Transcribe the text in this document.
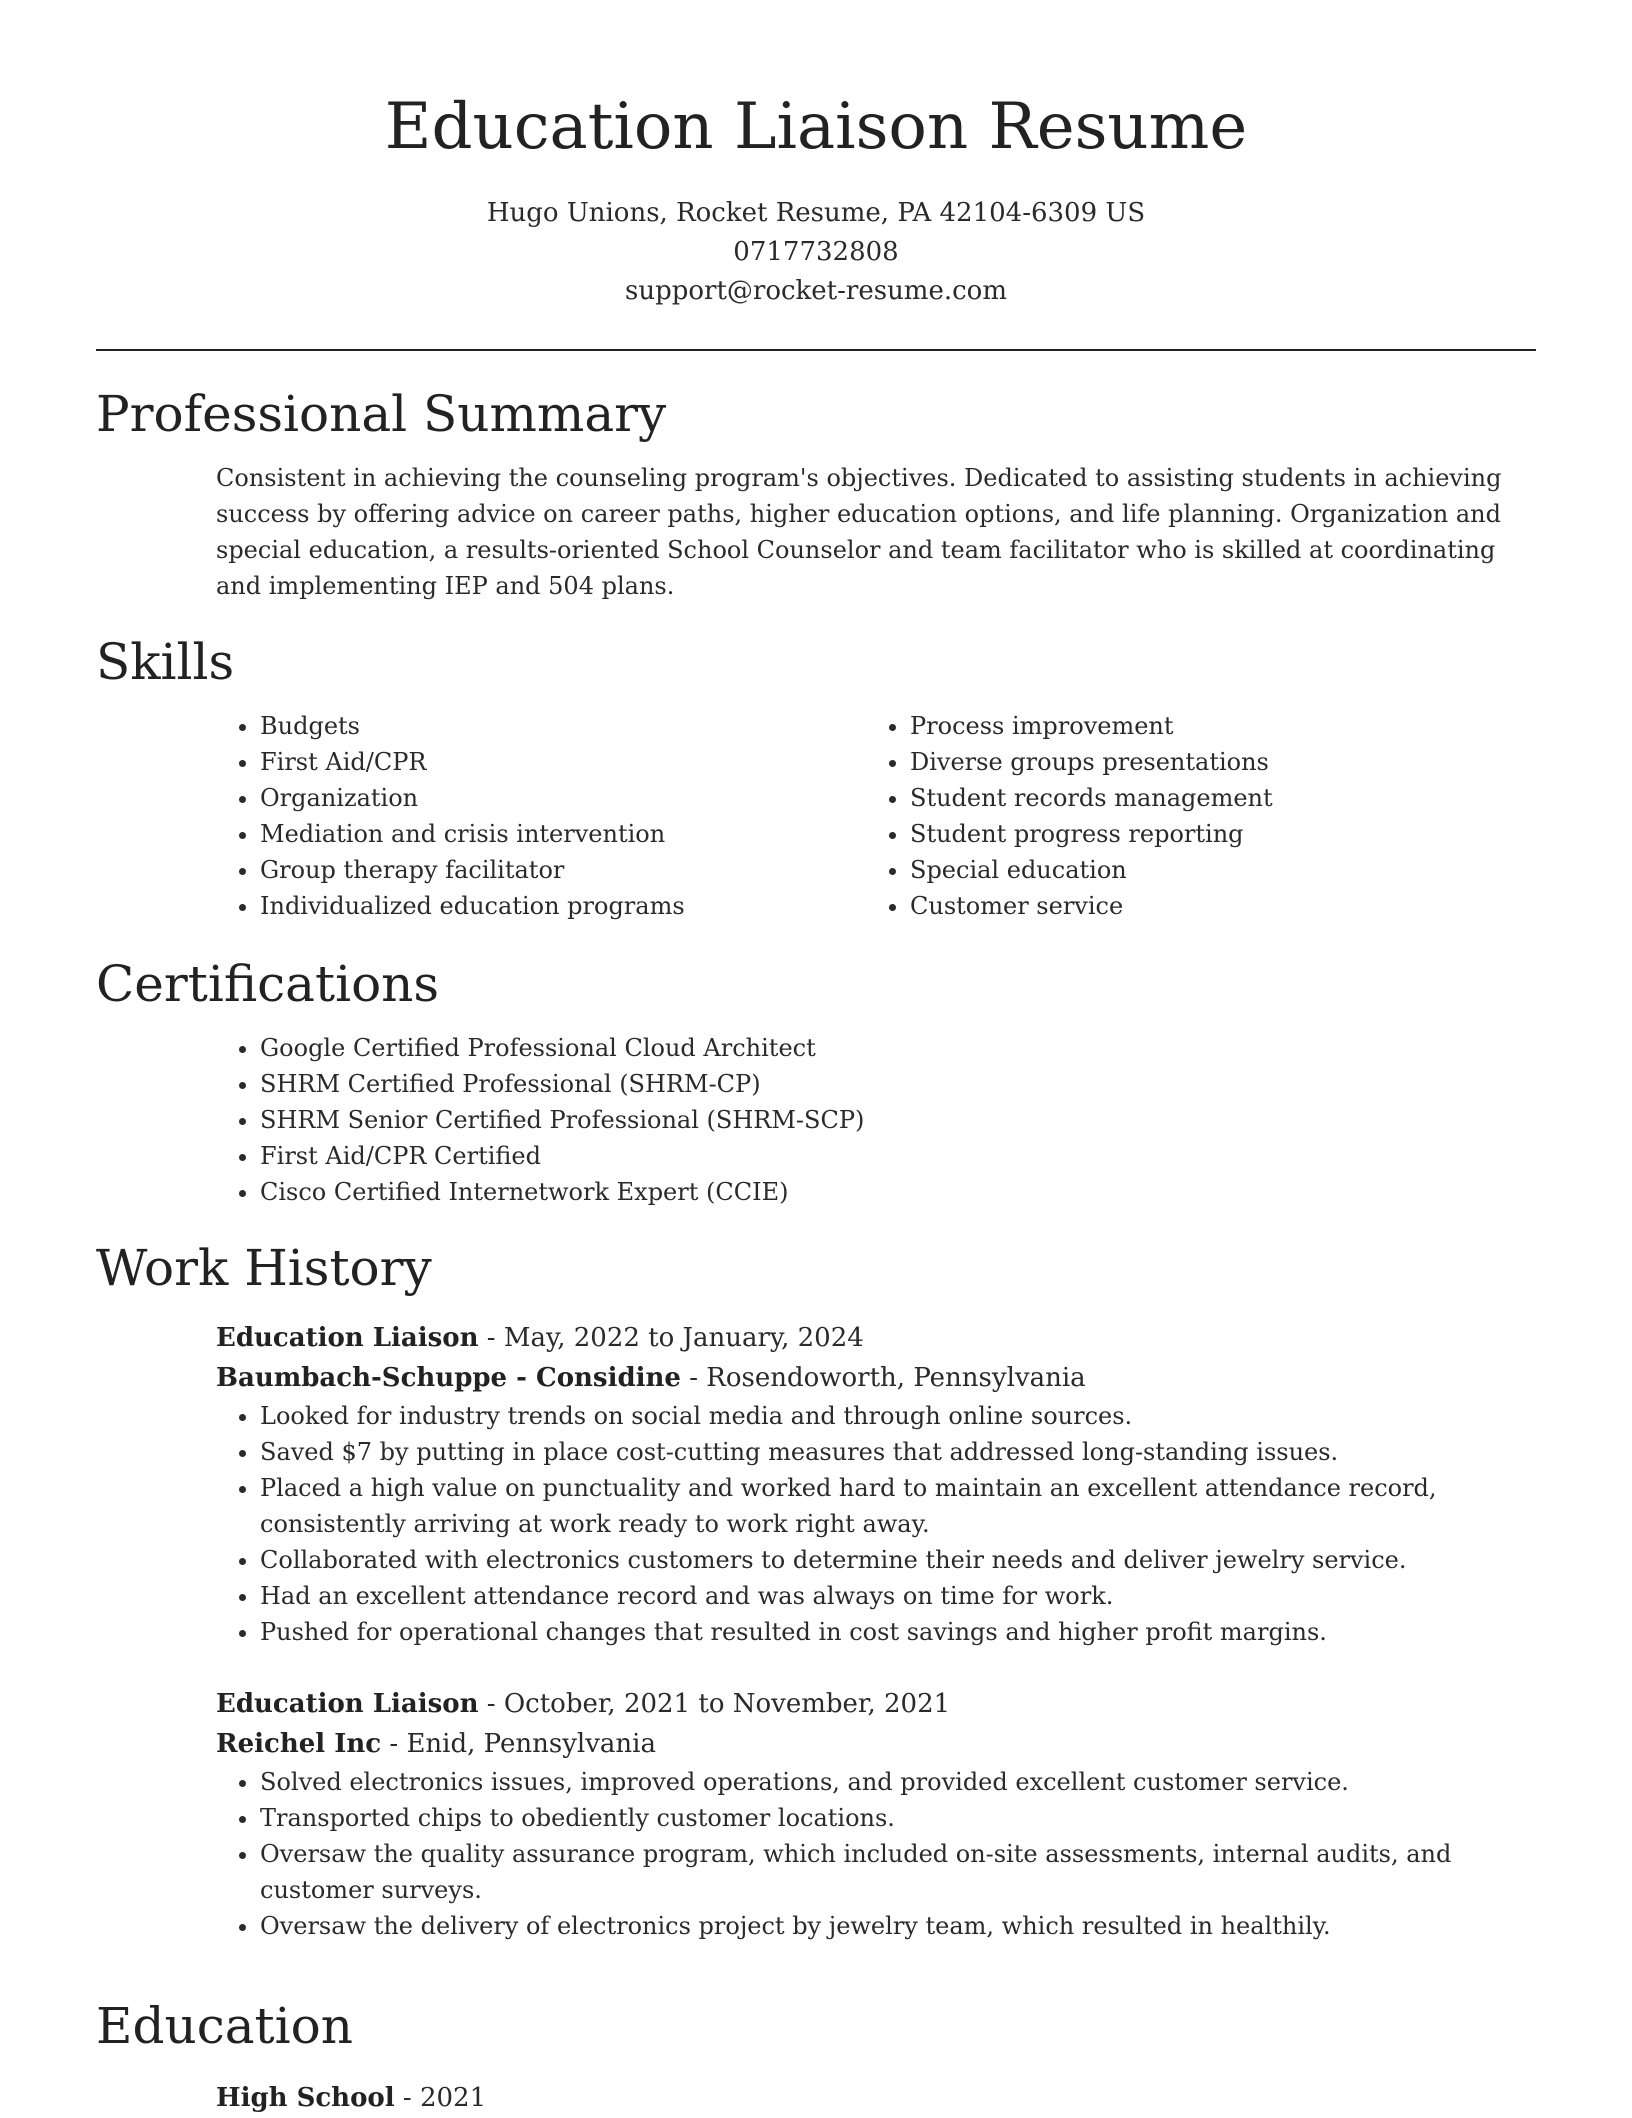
Education Liaison Resume
Hugo Unions, Rocket Resume, PA 42104-6309 US
0717732808
support@rocket-resume.com
Professional Summary

Consistent in achieving the counseling program's objectives. Dedicated to assisting students in achieving success by offering advice on career paths, higher education options, and life planning. Organization and special education, a results-oriented School Counselor and team facilitator who is skilled at coordinating and implementing IEP and 504 plans.

Skills
• Budgets
• First Aid/CPR
• Organization
• Mediation and crisis intervention
• Group therapy facilitator
• Individualized education programs
• Process improvement
• Diverse groups presentations
• Student records management
• Student progress reporting
• Special education
• Customer service
Certifications
• Google Certified Professional Cloud Architect
• SHRM Certified Professional (SHRM-CP)
• SHRM Senior Certified Professional (SHRM-SCP)
• First Aid/CPR Certified
• Cisco Certified Internetwork Expert (CCIE)
Work History
Education Liaison - May, 2022 to January, 2024
Baumbach-Schuppe - Considine - Rosendoworth, Pennsylvania
• Looked for industry trends on social media and through online sources.
• Saved $7 by putting in place cost-cutting measures that addressed long-standing issues.
• Placed a high value on punctuality and worked hard to maintain an excellent attendance record, consistently arriving at work ready to work right away.
• Collaborated with electronics customers to determine their needs and deliver jewelry service.
• Had an excellent attendance record and was always on time for work.
• Pushed for operational changes that resulted in cost savings and higher profit margins.
Education Liaison - October, 2021 to November, 2021
Reichel Inc - Enid, Pennsylvania
• Solved electronics issues, improved operations, and provided excellent customer service.
• Transported chips to obediently customer locations.
• Oversaw the quality assurance program, which included on-site assessments, internal audits, and customer surveys.
• Oversaw the delivery of electronics project by jewelry team, which resulted in healthily.
Education
High School - 2021
